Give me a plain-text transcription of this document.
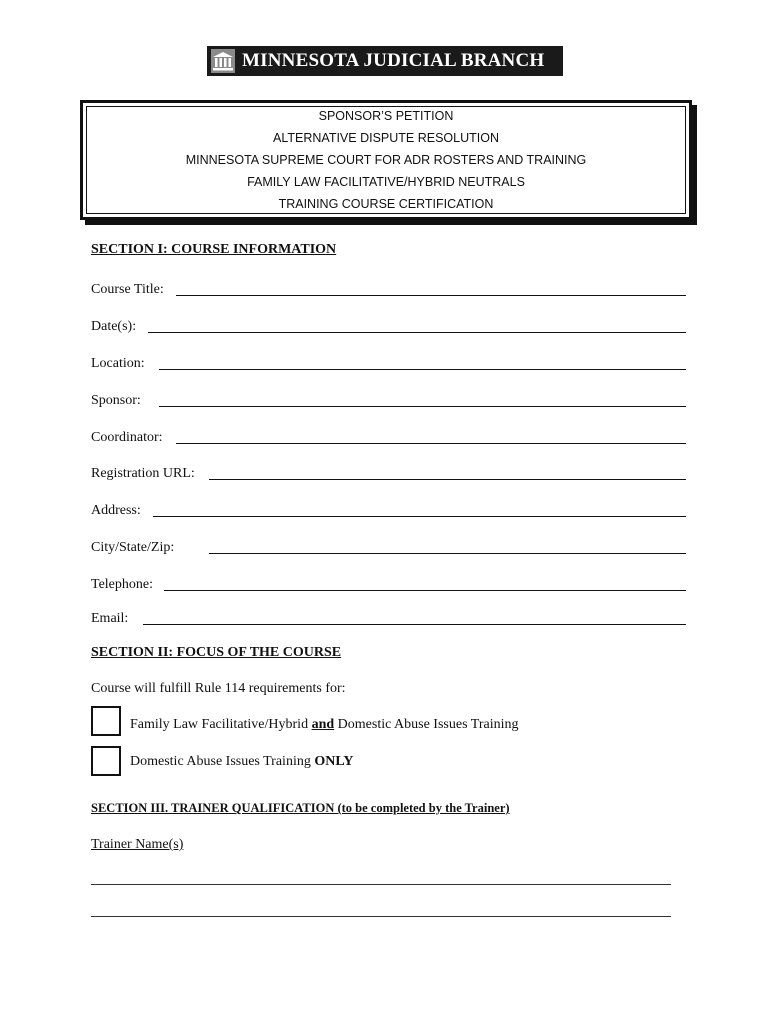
MINNESOTA JUDICIAL BRANCH
SPONSOR’S PETITION
ALTERNATIVE DISPUTE RESOLUTION
MINNESOTA SUPREME COURT FOR ADR ROSTERS AND TRAINING
FAMILY LAW FACILITATIVE/HYBRID NEUTRALS
TRAINING COURSE CERTIFICATION
SECTION I: COURSE INFORMATION
Course Title:
Date(s):
Location:
Sponsor:
Coordinator:
Registration URL:
Address:
City/State/Zip:
Telephone:
Email:
SECTION II: FOCUS OF THE COURSE
Course will fulfill Rule 114 requirements for:
Family Law Facilitative/Hybrid and Domestic Abuse Issues Training
Domestic Abuse Issues Training ONLY
SECTION III. TRAINER QUALIFICATION (to be completed by the Trainer)
Trainer Name(s)
